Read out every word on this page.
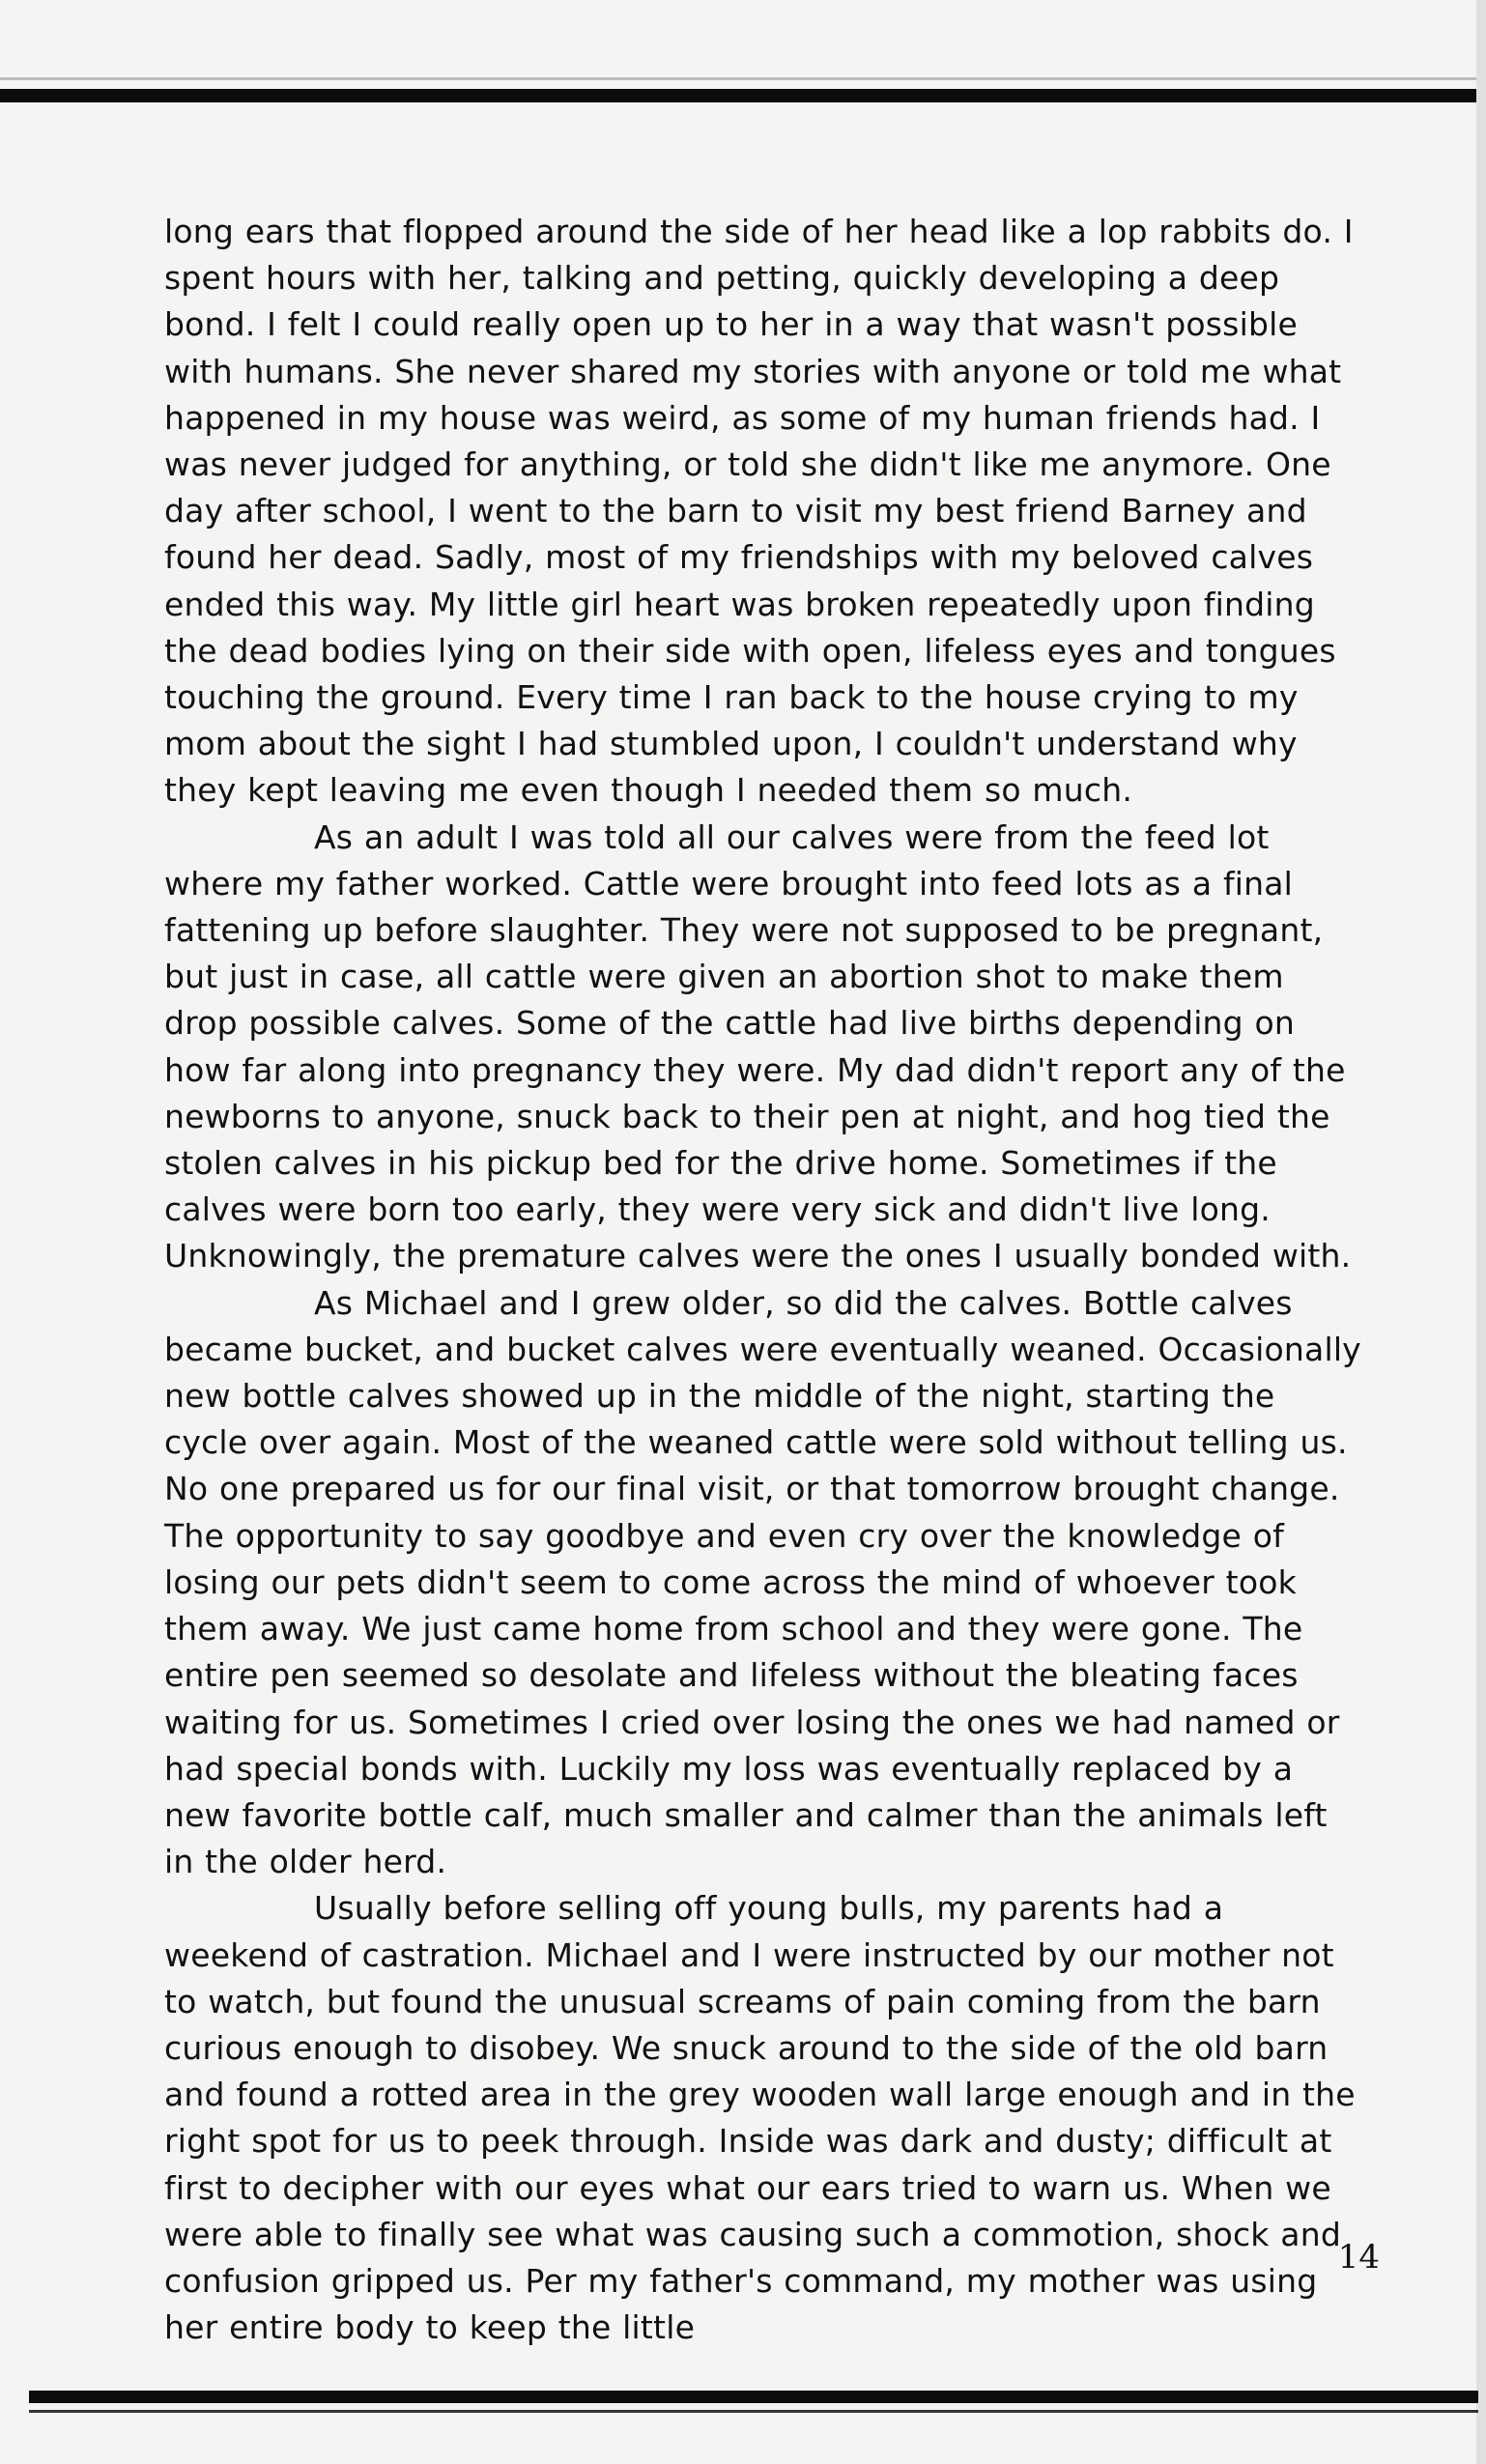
long ears that flopped around the side of her head like a lop rabbits do. I spent hours with her, talking and petting, quickly developing a deep bond. I felt I could really open up to her in a way that wasn't possible with humans. She never shared my stories with anyone or told me what happened in my house was weird, as some of my human friends had. I was never judged for anything, or told she didn't like me anymore. One day after school, I went to the barn to visit my best friend Barney and found her dead. Sadly, most of my friendships with my beloved calves ended this way. My little girl heart was broken repeatedly upon finding the dead bodies lying on their side with open, lifeless eyes and tongues touching the ground. Every time I ran back to the house crying to my mom about the sight I had stumbled upon, I couldn't understand why they kept leaving me even though I needed them so much.

As an adult I was told all our calves were from the feed lot where my father worked. Cattle were brought into feed lots as a final fattening up before slaughter. They were not supposed to be pregnant, but just in case, all cattle were given an abortion shot to make them drop possible calves. Some of the cattle had live births depending on how far along into pregnancy they were. My dad didn't report any of the newborns to anyone, snuck back to their pen at night, and hog tied the stolen calves in his pickup bed for the drive home. Sometimes if the calves were born too early, they were very sick and didn't live long. Unknowingly, the premature calves were the ones I usually bonded with.

As Michael and I grew older, so did the calves. Bottle calves became bucket, and bucket calves were eventually weaned. Occasionally new bottle calves showed up in the middle of the night, starting the cycle over again. Most of the weaned cattle were sold without telling us. No one prepared us for our final visit, or that tomorrow brought change. The opportunity to say goodbye and even cry over the knowledge of losing our pets didn't seem to come across the mind of whoever took them away. We just came home from school and they were gone. The entire pen seemed so desolate and lifeless without the bleating faces waiting for us. Sometimes I cried over losing the ones we had named or had special bonds with. Luckily my loss was eventually replaced by a new favorite bottle calf, much smaller and calmer than the animals left in the older herd.

Usually before selling off young bulls, my parents had a weekend of castration. Michael and I were instructed by our mother not to watch, but found the unusual screams of pain coming from the barn curious enough to disobey. We snuck around to the side of the old barn and found a rotted area in the grey wooden wall large enough and in the right spot for us to peek through. Inside was dark and dusty; difficult at first to decipher with our eyes what our ears tried to warn us. When we were able to finally see what was causing such a commotion, shock and confusion gripped us. Per my father's command, my mother was using her entire body to keep the little

14
